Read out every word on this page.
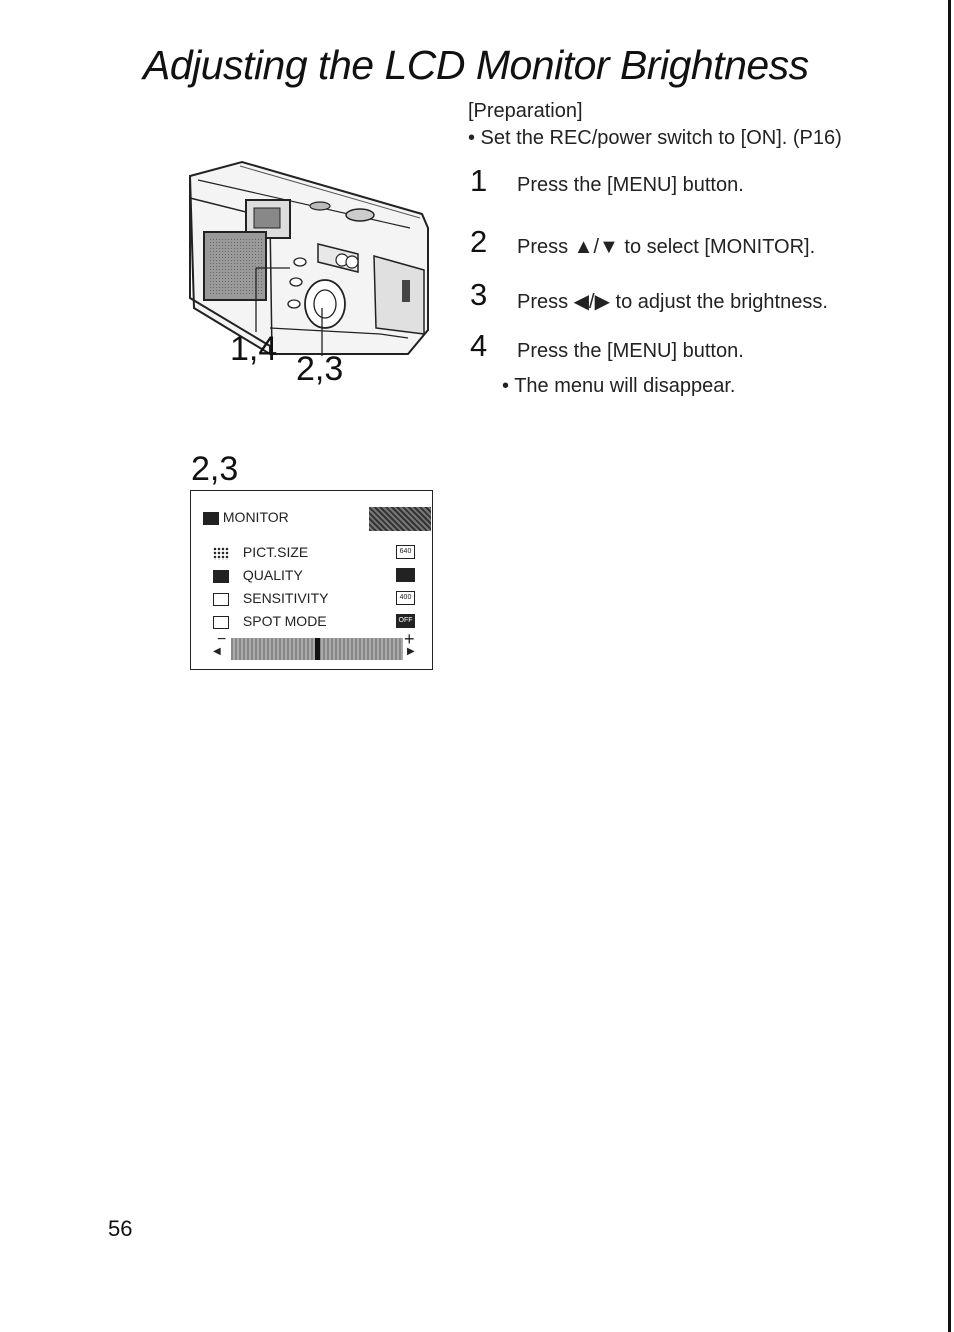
Adjusting the LCD Monitor Brightness
[Preparation]
• Set the REC/power switch to [ON]. (P16)
1 Press the [MENU] button.
2 Press ▲/▼ to select [MONITOR].
3 Press ◀/▶ to adjust the brightness.
4 Press the [MENU] button.
• The menu will disappear.
1,4
2,3
2,3
MONITOR
PICT.SIZE	640
QUALITY
SENSITIVITY	400
SPOT MODE	OFF
−	+
◀	▶
56
